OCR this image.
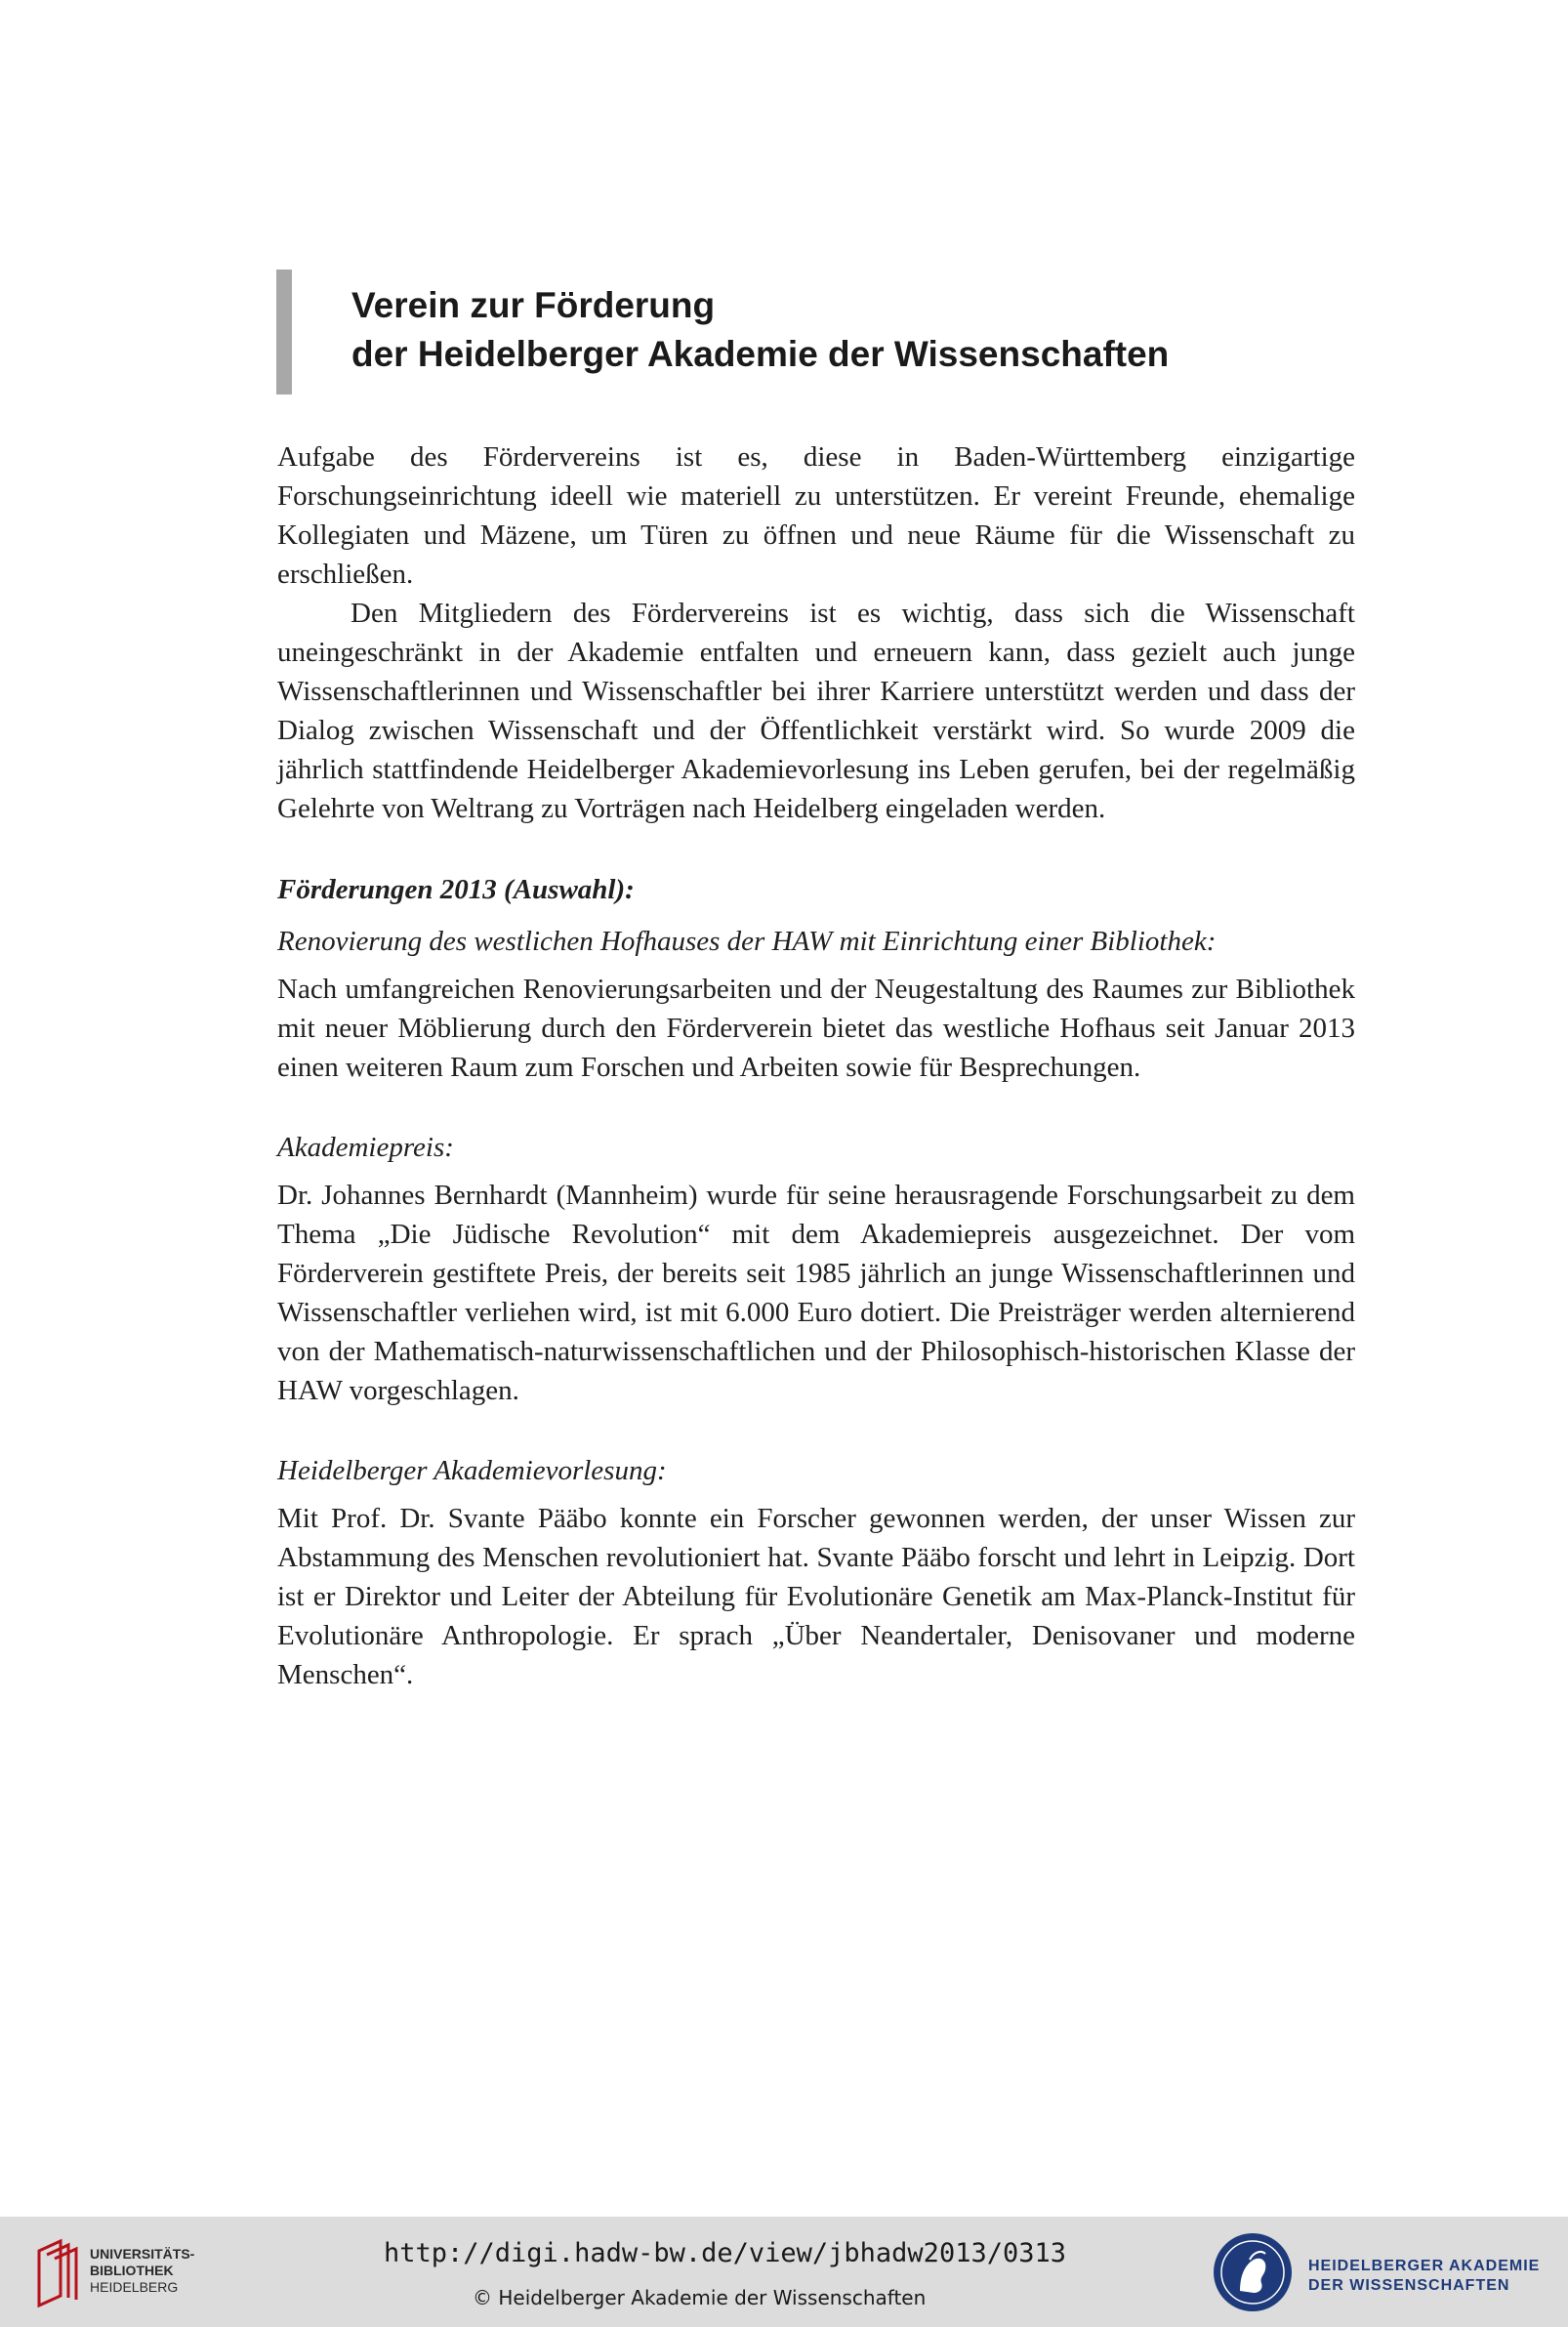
Verein zur Förderung
der Heidelberger Akademie der Wissenschaften

Aufgabe des Fördervereins ist es, diese in Baden-Württemberg einzigartige Forschungseinrichtung ideell wie materiell zu unterstützen. Er vereint Freunde, ehemalige Kollegiaten und Mäzene, um Türen zu öffnen und neue Räume für die Wissenschaft zu erschließen.

Den Mitgliedern des Fördervereins ist es wichtig, dass sich die Wissenschaft uneingeschränkt in der Akademie entfalten und erneuern kann, dass gezielt auch junge Wissenschaftlerinnen und Wissenschaftler bei ihrer Karriere unterstützt werden und dass der Dialog zwischen Wissenschaft und der Öffentlichkeit verstärkt wird. So wurde 2009 die jährlich stattfindende Heidelberger Akademievorlesung ins Leben gerufen, bei der regelmäßig Gelehrte von Weltrang zu Vorträgen nach Heidelberg eingeladen werden.

Förderungen 2013 (Auswahl):
Renovierung des westlichen Hofhauses der HAW mit Einrichtung einer Bibliothek:

Nach umfangreichen Renovierungsarbeiten und der Neugestaltung des Raumes zur Bibliothek mit neuer Möblierung durch den Förderverein bietet das westliche Hofhaus seit Januar 2013 einen weiteren Raum zum Forschen und Arbeiten sowie für Besprechungen.

Akademiepreis:

Dr. Johannes Bernhardt (Mannheim) wurde für seine herausragende Forschungsarbeit zu dem Thema „Die Jüdische Revolution“ mit dem Akademiepreis ausgezeichnet. Der vom Förderverein gestiftete Preis, der bereits seit 1985 jährlich an junge Wissenschaftlerinnen und Wissenschaftler verliehen wird, ist mit 6.000 Euro dotiert. Die Preisträger werden alternierend von der Mathematisch-naturwissenschaftlichen und der Philosophisch-historischen Klasse der HAW vorgeschlagen.

Heidelberger Akademievorlesung:

Mit Prof. Dr. Svante Pääbo konnte ein Forscher gewonnen werden, der unser Wissen zur Abstammung des Menschen revolutioniert hat. Svante Pääbo forscht und lehrt in Leipzig. Dort ist er Direktor und Leiter der Abteilung für Evolutionäre Genetik am Max-Planck-Institut für Evolutionäre Anthropologie. Er sprach „Über Neandertaler, Denisovaner und moderne Menschen“.

UNIVERSITÄTS-
BIBLIOTHEK
HEIDELBERG
http://digi.hadw-bw.de/view/jbhadw2013/0313
© Heidelberger Akademie der Wissenschaften
HEIDELBERGER AKADEMIE
DER WISSENSCHAFTEN
